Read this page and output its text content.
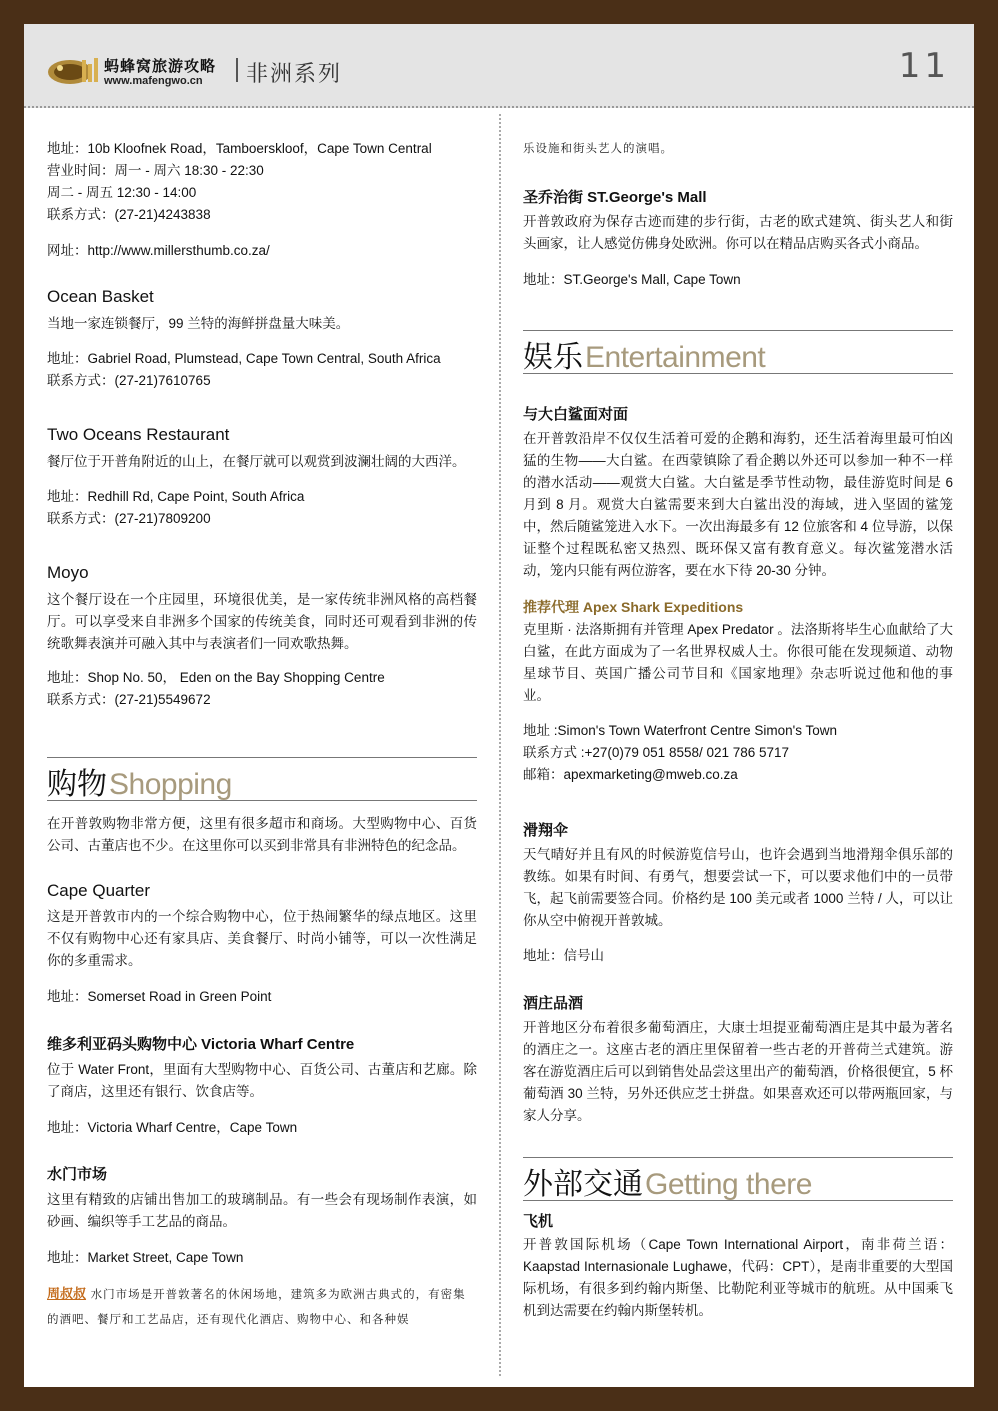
蚂蜂窝旅游攻略
www.mafengwo.cn 非洲系列	11
地址：10b Kloofnek Road，Tamboerskloof，Cape Town Central
营业时间：周一 - 周六 18:30 - 22:30
周二 - 周五 12:30 - 14:00
联系方式：(27-21)4243838
网址：http://www.millersthumb.co.za/
Ocean Basket
当地一家连锁餐厅，99 兰特的海鲜拼盘量大味美。
地址：Gabriel Road, Plumstead, Cape Town Central, South Africa
联系方式：(27-21)7610765
Two Oceans Restaurant
餐厅位于开普角附近的山上，在餐厅就可以观赏到波澜壮阔的大西洋。
地址：Redhill Rd, Cape Point, South Africa
联系方式：(27-21)7809200
Moyo
这个餐厅设在一个庄园里，环境很优美，是一家传统非洲风格的高档餐厅。可以享受来自非洲多个国家的传统美食，同时还可观看到非洲的传统歌舞表演并可融入其中与表演者们一同欢歌热舞。
地址：Shop No. 50， Eden on the Bay Shopping Centre
联系方式：(27-21)5549672
购物Shopping
在开普敦购物非常方便，这里有很多超市和商场。大型购物中心、百货公司、古董店也不少。在这里你可以买到非常具有非洲特色的纪念品。
Cape Quarter
这是开普敦市内的一个综合购物中心，位于热闹繁华的绿点地区。这里不仅有购物中心还有家具店、美食餐厅、时尚小铺等，可以一次性满足你的多重需求。
地址：Somerset Road in Green Point
维多利亚码头购物中心 Victoria Wharf Centre
位于 Water Front，里面有大型购物中心、百货公司、古董店和艺廊。除了商店，这里还有银行、饮食店等。
地址：Victoria Wharf Centre，Cape Town
水门市场
这里有精致的店铺出售加工的玻璃制品。有一些会有现场制作表演，如砂画、编织等手工艺品的商品。
地址：Market Street, Cape Town
周叔叔 水门市场是开普敦著名的休闲场地，建筑多为欧洲古典式的，有密集的酒吧、餐厅和工艺品店，还有现代化酒店、购物中心、和各种娱
乐设施和街头艺人的演唱。
圣乔治街 ST.George's Mall
开普敦政府为保存古迹而建的步行街，古老的欧式建筑、街头艺人和街头画家，让人感觉仿佛身处欧洲。你可以在精品店购买各式小商品。
地址：ST.George's Mall, Cape Town
娱乐Entertainment
与大白鲨面对面
在开普敦沿岸不仅仅生活着可爱的企鹅和海豹，还生活着海里最可怕凶猛的生物——大白鲨。在西蒙镇除了看企鹅以外还可以参加一种不一样的潜水活动——观赏大白鲨。大白鲨是季节性动物，最佳游览时间是 6 月到 8 月。观赏大白鲨需要来到大白鲨出没的海域，进入坚固的鲨笼中，然后随鲨笼进入水下。一次出海最多有 12 位旅客和 4 位导游，以保证整个过程既私密又热烈、既环保又富有教育意义。每次鲨笼潜水活动，笼内只能有两位游客，要在水下待 20-30 分钟。
推荐代理 Apex Shark Expeditions
克里斯 · 法洛斯拥有并管理 Apex Predator 。法洛斯将毕生心血献给了大白鲨，在此方面成为了一名世界权威人士。你很可能在发现频道、动物星球节目、英国广播公司节目和《国家地理》杂志听说过他和他的事业。
地址 :Simon's Town Waterfront Centre Simon's Town
联系方式 :+27(0)79 051 8558/ 021 786 5717
邮箱：apexmarketing@mweb.co.za
滑翔伞
天气晴好并且有风的时候游览信号山，也许会遇到当地滑翔伞俱乐部的教练。如果有时间、有勇气，想要尝试一下，可以要求他们中的一员带飞，起飞前需要签合同。价格约是 100 美元或者 1000 兰特 / 人，可以让你从空中俯视开普敦城。
地址：信号山
酒庄品酒
开普地区分布着很多葡萄酒庄，大康士坦提亚葡萄酒庄是其中最为著名的酒庄之一。这座古老的酒庄里保留着一些古老的开普荷兰式建筑。游客在游览酒庄后可以到销售处品尝这里出产的葡萄酒，价格很便宜，5 杯葡萄酒 30 兰特，另外还供应芝士拼盘。如果喜欢还可以带两瓶回家，与家人分享。
外部交通Getting there
飞机
开普敦国际机场（Cape Town International Airport，南非荷兰语：Kaapstad Internasionale Lughawe，代码：CPT），是南非重要的大型国际机场，有很多到约翰内斯堡、比勒陀利亚等城市的航班。从中国乘飞机到达需要在约翰内斯堡转机。
